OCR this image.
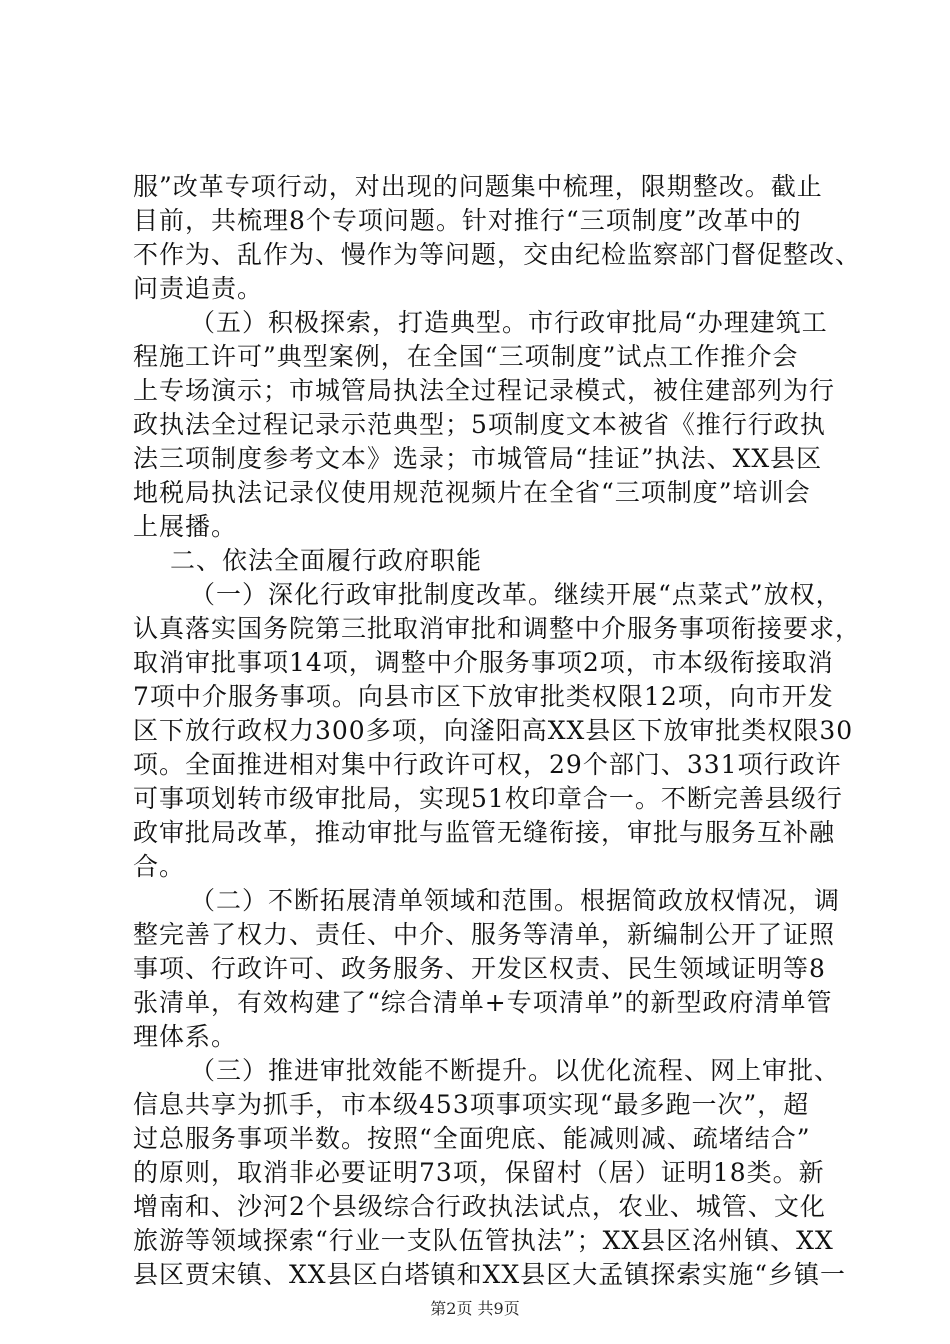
服”改革专项行动，对出现的问题集中梳理，限期整改。截止
目前，共梳理8个专项问题。针对推行“三项制度”改革中的
不作为、乱作为、慢作为等问题，交由纪检监察部门督促整改、
问责追责。
（五）积极探索，打造典型。市行政审批局“办理建筑工
程施工许可”典型案例，在全国“三项制度”试点工作推介会
上专场演示；市城管局执法全过程记录模式，被住建部列为行
政执法全过程记录示范典型；5项制度文本被省《推行行政执
法三项制度参考文本》选录；市城管局“挂证”执法、XX县区
地税局执法记录仪使用规范视频片在全省“三项制度”培训会
上展播。
二、依法全面履行政府职能
（一）深化行政审批制度改革。继续开展“点菜式”放权，
认真落实国务院第三批取消审批和调整中介服务事项衔接要求，
取消审批事项14项，调整中介服务事项2项，市本级衔接取消
7项中介服务事项。向县市区下放审批类权限12项，向市开发
区下放行政权力300多项，向滏阳高XX县区下放审批类权限30
项。全面推进相对集中行政许可权，29个部门、331项行政许
可事项划转市级审批局，实现51枚印章合一。不断完善县级行
政审批局改革，推动审批与监管无缝衔接，审批与服务互补融
合。
（二）不断拓展清单领域和范围。根据简政放权情况，调
整完善了权力、责任、中介、服务等清单，新编制公开了证照
事项、行政许可、政务服务、开发区权责、民生领域证明等8
张清单，有效构建了“综合清单+专项清单”的新型政府清单管
理体系。
（三）推进审批效能不断提升。以优化流程、网上审批、
信息共享为抓手，市本级453项事项实现“最多跑一次”，超
过总服务事项半数。按照“全面兜底、能减则减、疏堵结合”
的原则，取消非必要证明73项，保留村（居）证明18类。新
增南和、沙河2个县级综合行政执法试点，农业、城管、文化
旅游等领域探索“行业一支队伍管执法”；XX县区洺州镇、XX
县区贾宋镇、XX县区白塔镇和XX县区大孟镇探索实施“乡镇一
第2页 共9页
